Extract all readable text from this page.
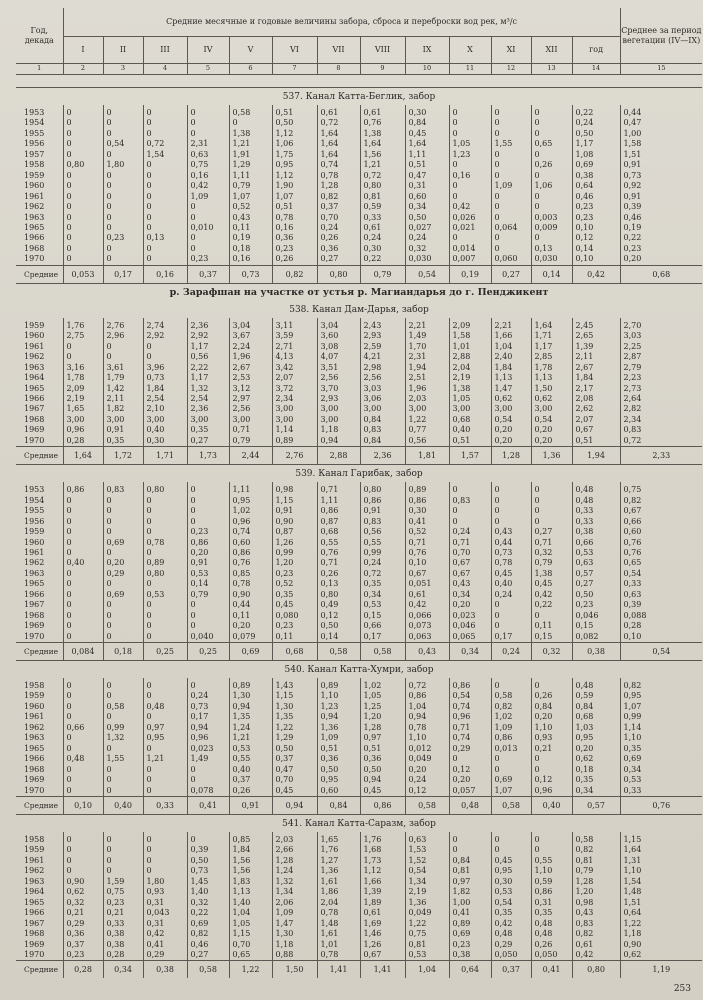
Год, декада	Средние месячные и годовые величины забора, сброса и переброски вод рек, м³/с													Среднее за период вегетации (IV—IX)
	I	II	III	IV	V	VI	VII	VIII	IX	X	XI	XII	год	
1	2	3	4	5	6	7	8	9	10	11	12	13	14	15
537. Канал Катта-Беглик, забор
1953	0	0	0	0	0,58	0,51	0,61	0,61	0,30	0	0	0	0,22	0,44
1954	0	0	0	0	0	0,50	0,72	0,76	0,84	0	0	0	0,24	0,47
1955	0	0	0	0	1,38	1,12	1,64	1,38	0,45	0	0	0	0,50	1,00
1956	0	0,54	0,72	2,31	1,21	1,06	1,64	1,64	1,64	1,05	1,55	0,65	1,17	1,58
1957	0	0	1,54	0,63	1,91	1,75	1,64	1,56	1,11	1,23	0	0	1,08	1,51
1958	0,80	1,80	0	0,75	1,29	0,95	0,74	1,21	0,51	0	0	0,26	0,69	0,91
1959	0	0	0	0,16	1,11	1,12	0,78	0,72	0,47	0,16	0	0	0,38	0,73
1960	0	0	0	0,42	0,79	1,90	1,28	0,80	0,31	0	1,09	1,06	0,64	0,92
1961	0	0	0	1,09	1,07	1,07	0,82	0,81	0,60	0	0	0	0,46	0,91
1962	0	0	0	0	0,52	0,51	0,37	0,59	0,34	0,42	0	0	0,23	0,39
1963	0	0	0	0	0,43	0,78	0,70	0,33	0,50	0,026	0	0,003	0,23	0,46
1965	0	0	0	0,010	0,11	0,16	0,24	0,61	0,027	0,021	0,064	0,009	0,10	0,19
1966	0	0,23	0,13	0	0,19	0,36	0,26	0,24	0,24	0	0	0	0,12	0,22
1968	0	0	0	0	0,18	0,23	0,36	0,30	0,32	0,014	0	0,13	0,14	0,23
1970	0	0	0	0,23	0,16	0,26	0,27	0,22	0,030	0,007	0,060	0,030	0,10	0,20
Средние	0,053	0,17	0,16	0,37	0,73	0,82	0,80	0,79	0,54	0,19	0,27	0,14	0,42	0,68
р. Зарафшан на участке от устья р. Магиандарья до г. Пенджикент
538. Канал Дам-Дарья, забор
1959	1,76	2,76	2,74	2,36	3,04	3,11	3,04	2,43	2,21	2,09	2,21	1,64	2,45	2,70
1960	2,75	2,96	2,92	2,92	3,67	3,59	3,60	2,93	1,49	1,58	1,66	1,71	2,65	3,03
1961	0	0	0	1,17	2,24	2,71	3,08	2,59	1,70	1,01	1,04	1,17	1,39	2,25
1962	0	0	0	0,56	1,96	4,13	4,07	4,21	2,31	2,88	2,40	2,85	2,11	2,87
1963	3,16	3,61	3,96	2,22	2,67	3,42	3,51	2,98	1,94	2,04	1,84	1,78	2,67	2,79
1964	1,78	1,79	0,73	1,17	2,53	2,07	2,56	2,56	2,51	2,19	1,13	1,13	1,84	2,23
1965	2,09	1,42	1,84	1,32	3,12	3,72	3,70	3,03	1,96	1,38	1,47	1,50	2,17	2,73
1966	2,19	2,11	2,54	2,54	2,97	2,34	2,93	3,06	2,03	1,05	0,62	0,62	2,08	2,64
1967	1,65	1,82	2,10	2,36	2,56	3,00	3,00	3,00	3,00	3,00	3,00	3,00	2,62	2,82
1968	3,00	3,00	3,00	3,00	3,00	3,00	3,00	0,84	1,22	0,68	0,54	0,54	2,07	2,34
1969	0,96	0,91	0,40	0,35	0,71	1,14	1,18	0,83	0,77	0,40	0,20	0,20	0,67	0,83
1970	0,28	0,35	0,30	0,27	0,79	0,89	0,94	0,84	0,56	0,51	0,20	0,20	0,51	0,72
Средние	1,64	1,72	1,71	1,73	2,44	2,76	2,88	2,36	1,81	1,57	1,28	1,36	1,94	2,33
539. Канал Гарибак, забор
1953	0,86	0,83	0,80	0	1,11	0,98	0,71	0,80	0,89	0	0	0	0,48	0,75
1954	0	0	0	0	0,95	1,15	1,11	0,86	0,86	0,83	0	0	0,48	0,82
1955	0	0	0	0	1,02	0,91	0,86	0,91	0,30	0	0	0	0,33	0,67
1956	0	0	0	0	0,96	0,90	0,87	0,83	0,41	0	0	0	0,33	0,66
1959	0	0	0	0,23	0,74	0,87	0,68	0,56	0,52	0,24	0,43	0,27	0,38	0,60
1960	0	0,69	0,78	0,86	0,60	1,26	0,55	0,55	0,71	0,71	0,44	0,71	0,66	0,76
1961	0	0	0	0,20	0,86	0,99	0,76	0,99	0,76	0,70	0,73	0,32	0,53	0,76
1962	0,40	0,20	0,89	0,91	0,76	1,20	0,71	0,24	0,10	0,67	0,78	0,79	0,63	0,65
1963	0	0,29	0,80	0,53	0,85	0,23	0,26	0,72	0,67	0,67	0,45	1,38	0,57	0,54
1965	0	0	0	0,14	0,78	0,52	0,13	0,35	0,051	0,43	0,40	0,45	0,27	0,33
1966	0	0,69	0,53	0,79	0,90	0,35	0,80	0,34	0,61	0,34	0,24	0,42	0,50	0,63
1967	0	0	0	0	0,44	0,45	0,49	0,53	0,42	0,20	0	0,22	0,23	0,39
1968	0	0	0	0	0,11	0,080	0,12	0,15	0,066	0,023	0	0	0,046	0,088
1969	0	0	0	0	0,20	0,23	0,50	0,66	0,073	0,046	0	0,11	0,15	0,28
1970	0	0	0	0,040	0,079	0,11	0,14	0,17	0,063	0,065	0,17	0,15	0,082	0,10
Средние	0,084	0,18	0,25	0,25	0,69	0,68	0,58	0,58	0,43	0,34	0,24	0,32	0,38	0,54
540. Канал Катта-Хумри, забор
1958	0	0	0	0	0,89	1,43	0,89	1,02	0,72	0,86	0	0	0,48	0,82
1959	0	0	0	0,24	1,30	1,15	1,10	1,05	0,86	0,54	0,58	0,26	0,59	0,95
1960	0	0,58	0,48	0,73	0,94	1,30	1,23	1,25	1,04	0,74	0,82	0,84	0,84	1,07
1961	0	0	0	0,17	1,35	1,35	0,94	1,20	0,94	0,96	1,02	0,20	0,68	0,99
1962	0,66	0,99	0,97	0,94	1,24	1,22	1,36	1,28	0,78	0,71	1,09	1,10	1,03	1,14
1963	0	1,32	0,95	0,96	1,21	1,29	1,09	0,97	1,10	0,74	0,86	0,93	0,95	1,10
1965	0	0	0	0,023	0,53	0,50	0,51	0,51	0,012	0,29	0,013	0,21	0,20	0,35
1966	0,48	1,55	1,21	1,49	0,55	0,37	0,36	0,36	0,049	0	0	0	0,62	0,69
1968	0	0	0	0	0,40	0,47	0,50	0,50	0,20	0,12	0	0	0,18	0,34
1969	0	0	0	0	0,37	0,70	0,95	0,94	0,24	0,20	0,69	0,12	0,35	0,53
1970	0	0	0	0,078	0,26	0,45	0,60	0,45	0,12	0,057	1,07	0,96	0,34	0,33
Средние	0,10	0,40	0,33	0,41	0,91	0,94	0,84	0,86	0,58	0,48	0,58	0,40	0,57	0,76
541. Канал Катта-Саразм, забор
1958	0	0	0	0	0,85	2,03	1,65	1,76	0,63	0	0	0	0,58	1,15
1959	0	0	0	0,39	1,84	2,66	1,76	1,68	1,53	0	0	0	0,82	1,64
1961	0	0	0	0,50	1,56	1,28	1,27	1,73	1,52	0,84	0,45	0,55	0,81	1,31
1962	0	0	0	0,73	1,56	1,24	1,36	1,12	0,54	0,81	0,95	1,10	0,79	1,10
1963	0,90	1,59	1,80	1,45	1,83	1,32	1,61	1,66	1,34	0,97	0,30	0,59	1,28	1,54
1964	0,62	0,75	0,93	1,40	1,13	1,34	1,86	1,39	2,19	1,82	0,53	0,86	1,20	1,48
1965	0,32	0,23	0,31	0,32	1,40	2,06	2,04	1,89	1,36	1,00	0,54	0,31	0,98	1,51
1966	0,21	0,21	0,043	0,22	1,04	1,09	0,78	0,61	0,049	0,41	0,35	0,35	0,43	0,64
1967	0,29	0,33	0,31	0,69	1,05	1,47	1,48	1,69	1,22	0,89	0,42	0,48	0,83	1,22
1968	0,36	0,38	0,42	0,82	1,15	1,30	1,61	1,46	0,75	0,69	0,48	0,48	0,82	1,18
1969	0,37	0,38	0,41	0,46	0,70	1,18	1,01	1,26	0,81	0,23	0,29	0,26	0,61	0,90
1970	0,23	0,28	0,29	0,27	0,65	0,88	0,78	0,67	0,53	0,38	0,050	0,050	0,42	0,62
Средние	0,28	0,34	0,38	0,58	1,22	1,50	1,41	1,41	1,04	0,64	0,37	0,41	0,80	1,19
253
